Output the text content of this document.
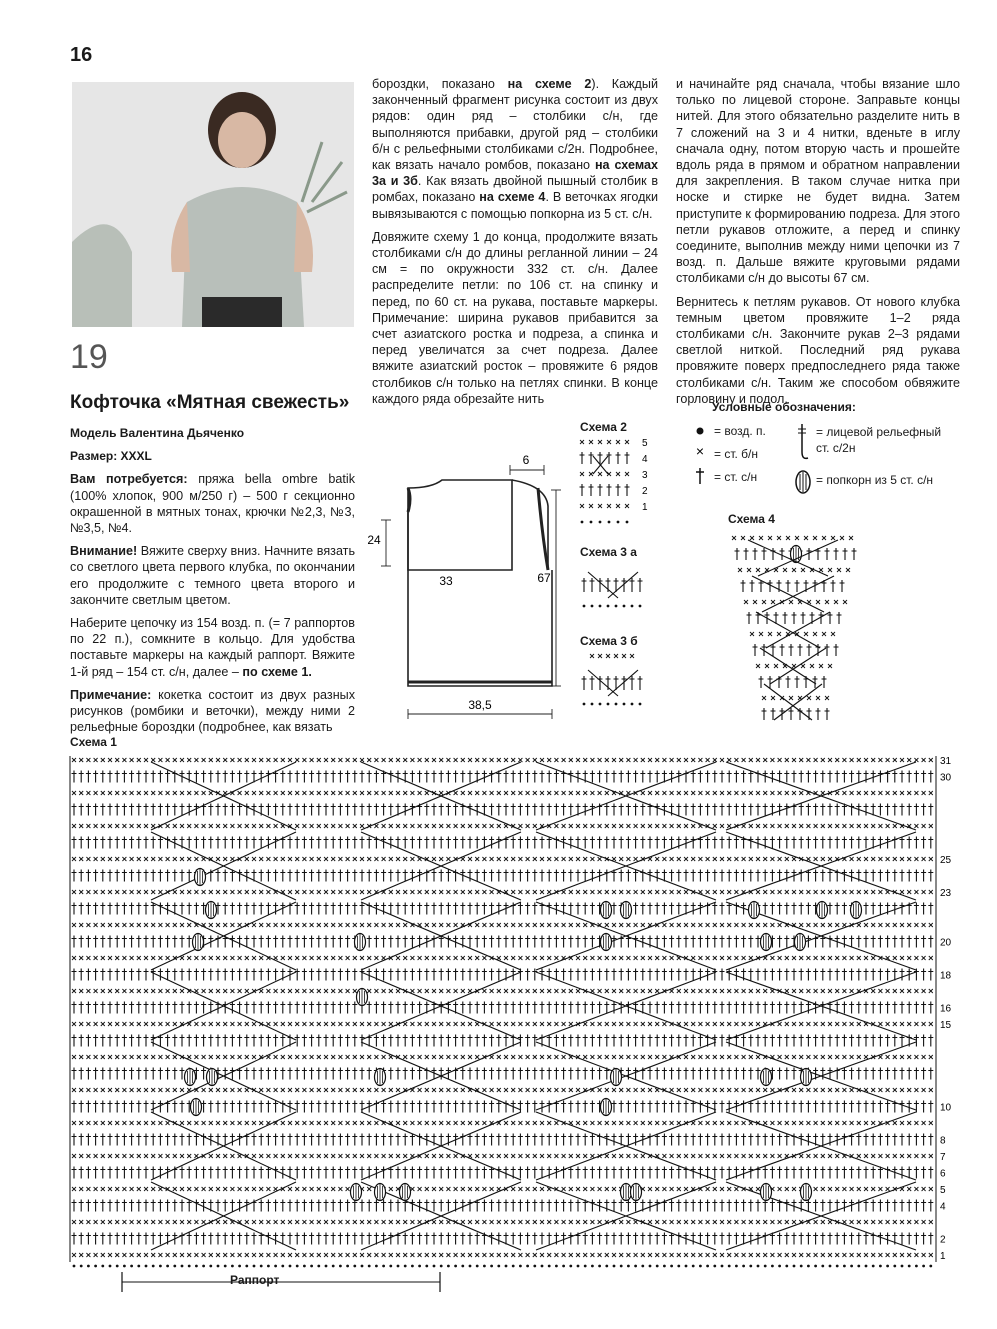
16
19
Кофточка «Мятная свежесть»

Модель Валентина Дьяченко

Размер: XXXL

Вам потребуется: пряжа bella ombre batik (100% хлопок, 900 м/250 г) – 500 г секционно окрашенной в мятных тонах, крючки №2,3, №3, №3,5, №4.

Внимание! Вяжите сверху вниз. Начните вязать со светлого цвета первого клубка, по окончании его продолжите с темного цвета второго и закончите светлым цветом.

Наберите цепочку из 154 возд. п. (= 7 раппортов по 22 п.), сомкните в кольцо. Для удобства поставьте маркеры на каждый раппорт. Вяжите 1-й ряд – 154 ст. с/н, далее – по схеме 1.

Примечание: кокетка состоит из двух разных рисунков (ромбики и веточки), между ними 2 рельефные бороздки (подробнее, как вязать

бороздки, показано на схеме 2). Каждый законченный фрагмент рисунка состоит из двух рядов: один ряд – столбики с/н, где выполняются прибавки, другой ряд – столбики б/н с рельефными столбиками с/2н. Подробнее, как вязать начало ромбов, показано на схемах 3а и 3б. Как вязать двойной пышный столбик в ромбах, показано на схеме 4. В веточках ягодки вывязываются с помощью попкорна из 5 ст. с/н.

Довяжите схему 1 до конца, продолжите вязать столбиками с/н до длины регланной линии – 24 см = по окружности 332 ст. с/н. Далее распределите петли: по 106 ст. на спинку и перед, по 60 ст. на рукава, поставьте маркеры. Примечание: ширина рукавов прибавится за счет азиатского ростка и подреза, а спинка и перед увеличатся за счет подреза. Далее вяжите азиатский росток – провяжите 6 рядов столбиков с/н только на петлях спинки. В конце каждого ряда обрезайте нить

и начинайте ряд сначала, чтобы вязание шло только по лицевой стороне. Заправьте концы нитей. Для этого обязательно разделите нить в 7 сложений на 3 и 4 нитки, вденьте в иглу сначала одну, потом вторую часть и прошейте вдоль ряда в прямом и обратном направлении для закрепления. В таком случае нитка при носке и стирке не будет видна. Затем приступите к формированию подреза. Для этого петли рукавов отложите, а перед и спинку соедините, выполнив между ними цепочки из 7 возд. п. Дальше вяжите круговыми рядами столбиками с/н до высоты 67 см.

Вернитесь к петлям рукавов. От нового клубка темным цветом провяжите 1–2 ряда столбиками с/н. Закончите рукав 2–3 рядами светлой ниткой. Последний ряд рукава провяжите поверх предпоследнего ряда также столбиками с/н. Таким же способом обвяжите горловину и подол.

Условные обозначения:
×
= возд. п.
= ст. б/н
= ст. с/н
= лицевой рельефный ст. с/2н
= попкорн из 5 ст. с/н
6
24
33	67
38,5
Схема 2
5
4
3
2
1
Схема 3 а
Схема 3 б
Схема 4
Схема 1
31
30
25
23
20
18
16
15
10
8
7
6
5
4
2
1
Раппорт
